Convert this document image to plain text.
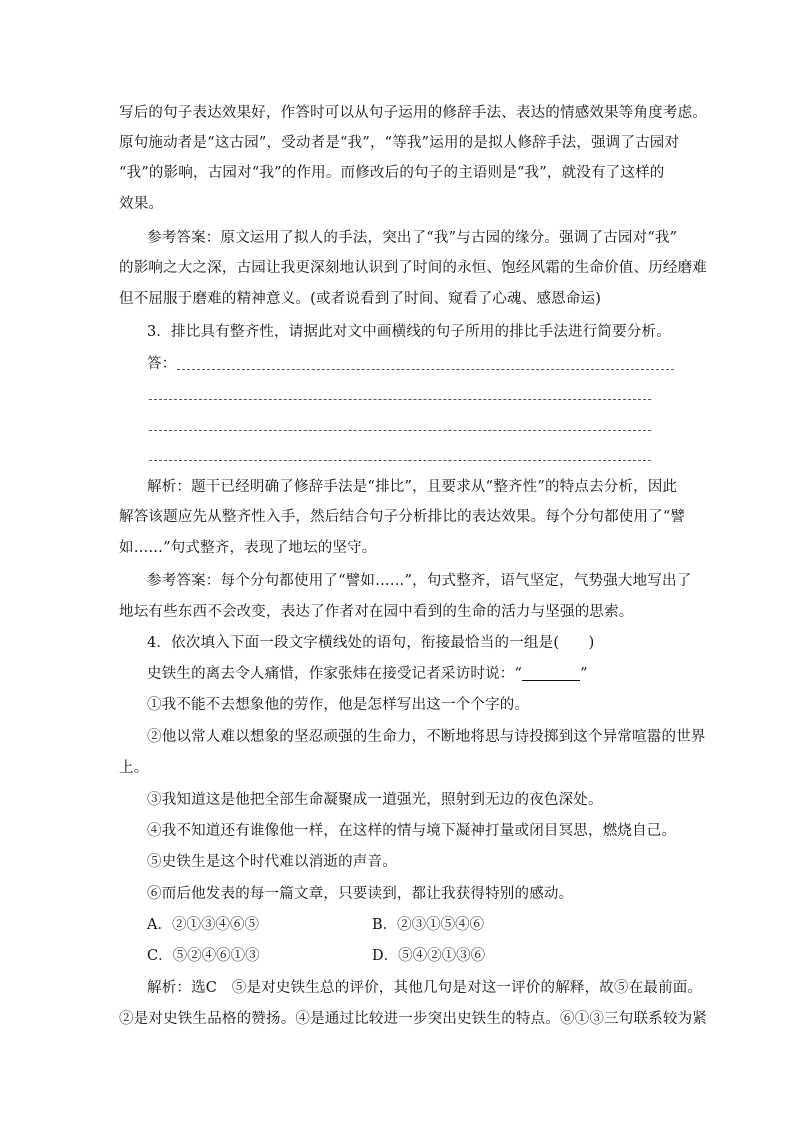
写后的句子表达效果好，作答时可以从句子运用的修辞手法、表达的情感效果等角度考虑。
原句施动者是“这古园”，受动者是“我”，“等我”运用的是拟人修辞手法，强调了古园对
“我”的影响，古园对“我”的作用。而修改后的句子的主语则是“我”，就没有了这样的
效果。
参考答案：原文运用了拟人的手法，突出了“我”与古园的缘分。强调了古园对“我”
的影响之大之深，古园让我更深刻地认识到了时间的永恒、饱经风霜的生命价值、历经磨难
但不屈服于磨难的精神意义。(或者说看到了时间、窥看了心魂、感恩命运)
3．排比具有整齐性，请据此对文中画横线的句子所用的排比手法进行简要分析。
答：
解析：题干已经明确了修辞手法是“排比”，且要求从“整齐性”的特点去分析，因此
解答该题应先从整齐性入手，然后结合句子分析排比的表达效果。每个分句都使用了“譬
如……”句式整齐，表现了地坛的坚守。
参考答案：每个分句都使用了“譬如……”，句式整齐，语气坚定，气势强大地写出了
地坛有些东西不会改变，表达了作者对在园中看到的生命的活力与坚强的思索。
4．依次填入下面一段文字横线处的语句，衔接最恰当的一组是(　　)
史铁生的离去令人痛惜，作家张炜在接受记者采访时说：“	”
①我不能不去想象他的劳作，他是怎样写出这一个个字的。
②他以常人难以想象的坚忍顽强的生命力，不断地将思与诗投掷到这个异常喧嚣的世界
上。
③我知道这是他把全部生命凝聚成一道强光，照射到无边的夜色深处。
④我不知道还有谁像他一样，在这样的情与境下凝神打量或闭目冥思，燃烧自己。
⑤史铁生是这个时代难以消逝的声音。
⑥而后他发表的每一篇文章，只要读到，都让我获得特别的感动。
A．②①③④⑥⑤	B．②③①⑤④⑥
C．⑤②④⑥①③	D．⑤④②①③⑥
解析：选C　⑤是对史铁生总的评价，其他几句是对这一评价的解释，故⑤在最前面。
②是对史铁生品格的赞扬。④是通过比较进一步突出史铁生的特点。⑥①③三句联系较为紧
